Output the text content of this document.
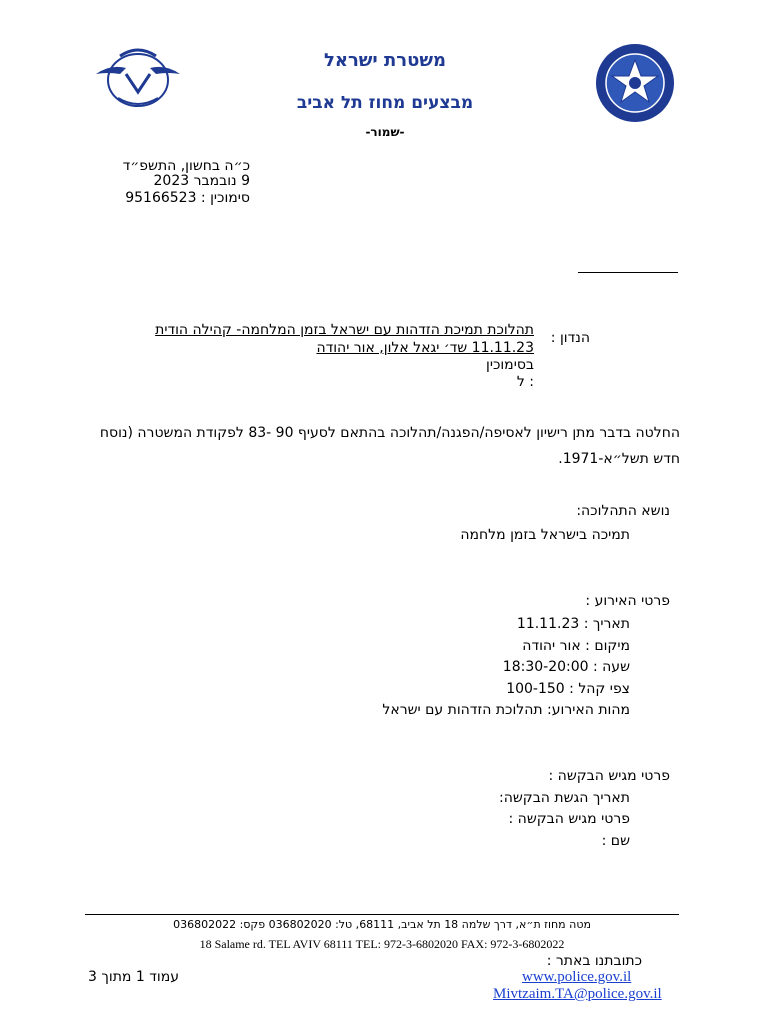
משטרת ישראל
מבצעים מחוז תל אביב
-שמור-
כ״ה בחשון, התשפ״ד
9 נובמבר 2023
סימוכין : 95166523
הנדון :
תהלוכת תמיכת הזדהות עם ישראל בזמן המלחמה- קהילה הודית
11.11.23 שד׳ יגאל אלון, אור יהודה
בסימוכין
: ל
החלטה בדבר מתן רישיון לאסיפה/הפגנה/תהלוכה בהתאם לסעיף 90 -83 לפקודת המשטרה (נוסח
חדש תשל״א-1971.
נושא התהלוכה:
תמיכה בישראל בזמן מלחמה
פרטי האירוע :
תאריך : 11.11.23
מיקום : אור יהודה
שעה : 18:30-20:00
צפי קהל : 100-150
מהות האירוע: תהלוכת הזדהות עם ישראל
פרטי מגיש הבקשה :
תאריך הגשת הבקשה:
פרטי מגיש הבקשה :
שם :
מטה מחוז ת״א, דרך שלמה 18 תל אביב, 68111, טל: 036802020 פקס: 036802022
18 Salame rd. TEL AVIV 68111 TEL: 972-3-6802020 FAX: 972-3-6802022
כתובתנו באתר :
www.police.gov.il
Mivtzaim.TA@police.gov.il
עמוד 1 מתוך 3
